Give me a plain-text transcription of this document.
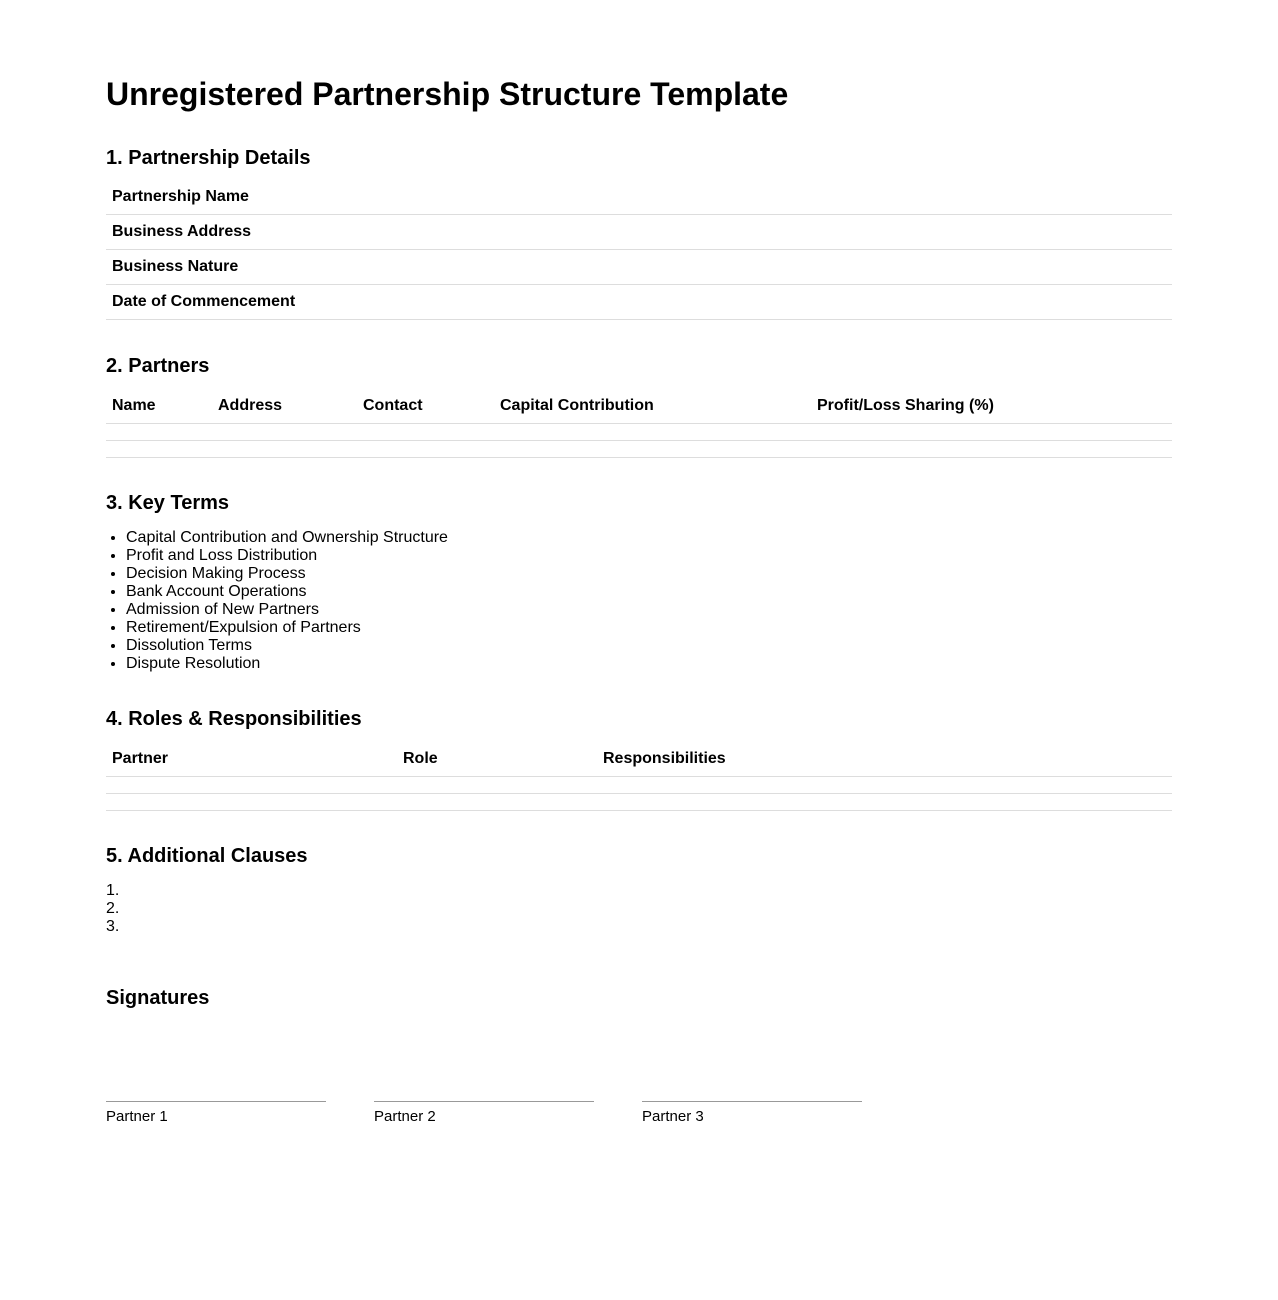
Unregistered Partnership Structure Template
1. Partnership Details
Partnership Name	
Business Address	
Business Nature	
Date of Commencement	
2. Partners
Name	Address	Contact	Capital Contribution	Profit/Loss Sharing (%)

3. Key Terms
• Capital Contribution and Ownership Structure
• Profit and Loss Distribution
• Decision Making Process
• Bank Account Operations
• Admission of New Partners
• Retirement/Expulsion of Partners
• Dissolution Terms
• Dispute Resolution
4. Roles & Responsibilities
Partner	Role	Responsibilities

5. Additional Clauses
1.
2.
3.
Signatures
Partner 1	Partner 2	Partner 3
